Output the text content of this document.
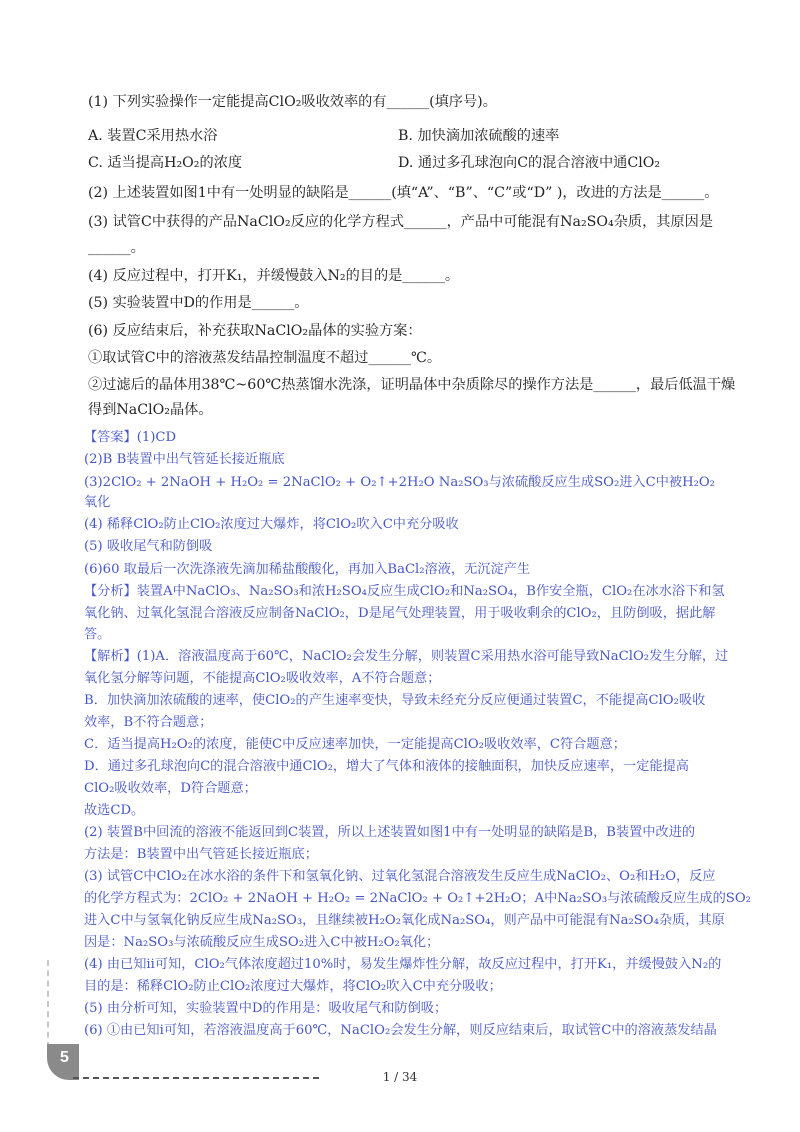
(1) 下列实验操作一定能提高ClO₂吸收效率的有______(填序号)。
A. 装置C采用热水浴	B. 加快滴加浓硫酸的速率
C. 适当提高H₂O₂的浓度	D. 通过多孔球泡向C的混合溶液中通ClO₂
(2) 上述装置如图1中有一处明显的缺陷是______(填“A”、“B”、“C”或“D” )，改进的方法是______。
(3) 试管C中获得的产品NaClO₂反应的化学方程式______，产品中可能混有Na₂SO₄杂质，其原因是
______。
(4) 反应过程中，打开K₁，并缓慢鼓入N₂的目的是______。
(5) 实验装置中D的作用是______。
(6) 反应结束后，补充获取NaClO₂晶体的实验方案：
①取试管C中的溶液蒸发结晶控制温度不超过______℃。
②过滤后的晶体用38℃~60℃热蒸馏水洗涤，证明晶体中杂质除尽的操作方法是______，最后低温干燥
得到NaClO₂晶体。
【答案】(1)CD
(2)B B装置中出气管延长接近瓶底
(3)2ClO₂ + 2NaOH + H₂O₂ = 2NaClO₂ + O₂↑+2H₂O Na₂SO₃与浓硫酸反应生成SO₂进入C中被H₂O₂
氧化
(4) 稀释ClO₂防止ClO₂浓度过大爆炸，将ClO₂吹入C中充分吸收
(5) 吸收尾气和防倒吸
(6)60 取最后一次洗涤液先滴加稀盐酸酸化，再加入BaCl₂溶液，无沉淀产生
【分析】装置A中NaClO₃、Na₂SO₃和浓H₂SO₄反应生成ClO₂和Na₂SO₄，B作安全瓶，ClO₂在冰水浴下和氢
氧化钠、过氧化氢混合溶液反应制备NaClO₂，D是尾气处理装置，用于吸收剩余的ClO₂，且防倒吸，据此解
答。
【解析】(1)A．溶液温度高于60℃，NaClO₂会发生分解，则装置C采用热水浴可能导致NaClO₂发生分解，过
氧化氢分解等问题，不能提高ClO₂吸收效率，A不符合题意；
B．加快滴加浓硫酸的速率，使ClO₂的产生速率变快，导致未经充分反应便通过装置C，不能提高ClO₂吸收
效率，B不符合题意；
C．适当提高H₂O₂的浓度，能使C中反应速率加快，一定能提高ClO₂吸收效率，C符合题意；
D．通过多孔球泡向C的混合溶液中通ClO₂，增大了气体和液体的接触面积，加快反应速率，一定能提高
ClO₂吸收效率，D符合题意；
故选CD。
(2) 装置B中回流的溶液不能返回到C装置，所以上述装置如图1中有一处明显的缺陷是B，B装置中改进的
方法是：B装置中出气管延长接近瓶底；
(3) 试管C中ClO₂在冰水浴的条件下和氢氧化钠、过氧化氢混合溶液发生反应生成NaClO₂、O₂和H₂O，反应
的化学方程式为：2ClO₂ + 2NaOH + H₂O₂ = 2NaClO₂ + O₂↑+2H₂O；A中Na₂SO₃与浓硫酸反应生成的SO₂
进入C中与氢氧化钠反应生成Na₂SO₃，且继续被H₂O₂氧化成Na₂SO₄，则产品中可能混有Na₂SO₄杂质，其原
因是：Na₂SO₃与浓硫酸反应生成SO₂进入C中被H₂O₂氧化；
(4) 由已知ⅱ可知，ClO₂气体浓度超过10%时，易发生爆炸性分解，故反应过程中，打开K₁，并缓慢鼓入N₂的
目的是：稀释ClO₂防止ClO₂浓度过大爆炸，将ClO₂吹入C中充分吸收；
(5) 由分析可知，实验装置中D的作用是：吸收尾气和防倒吸；
(6) ①由已知ⅰ可知，若溶液温度高于60℃，NaClO₂会发生分解，则反应结束后，取试管C中的溶液蒸发结晶
5
1 / 34
